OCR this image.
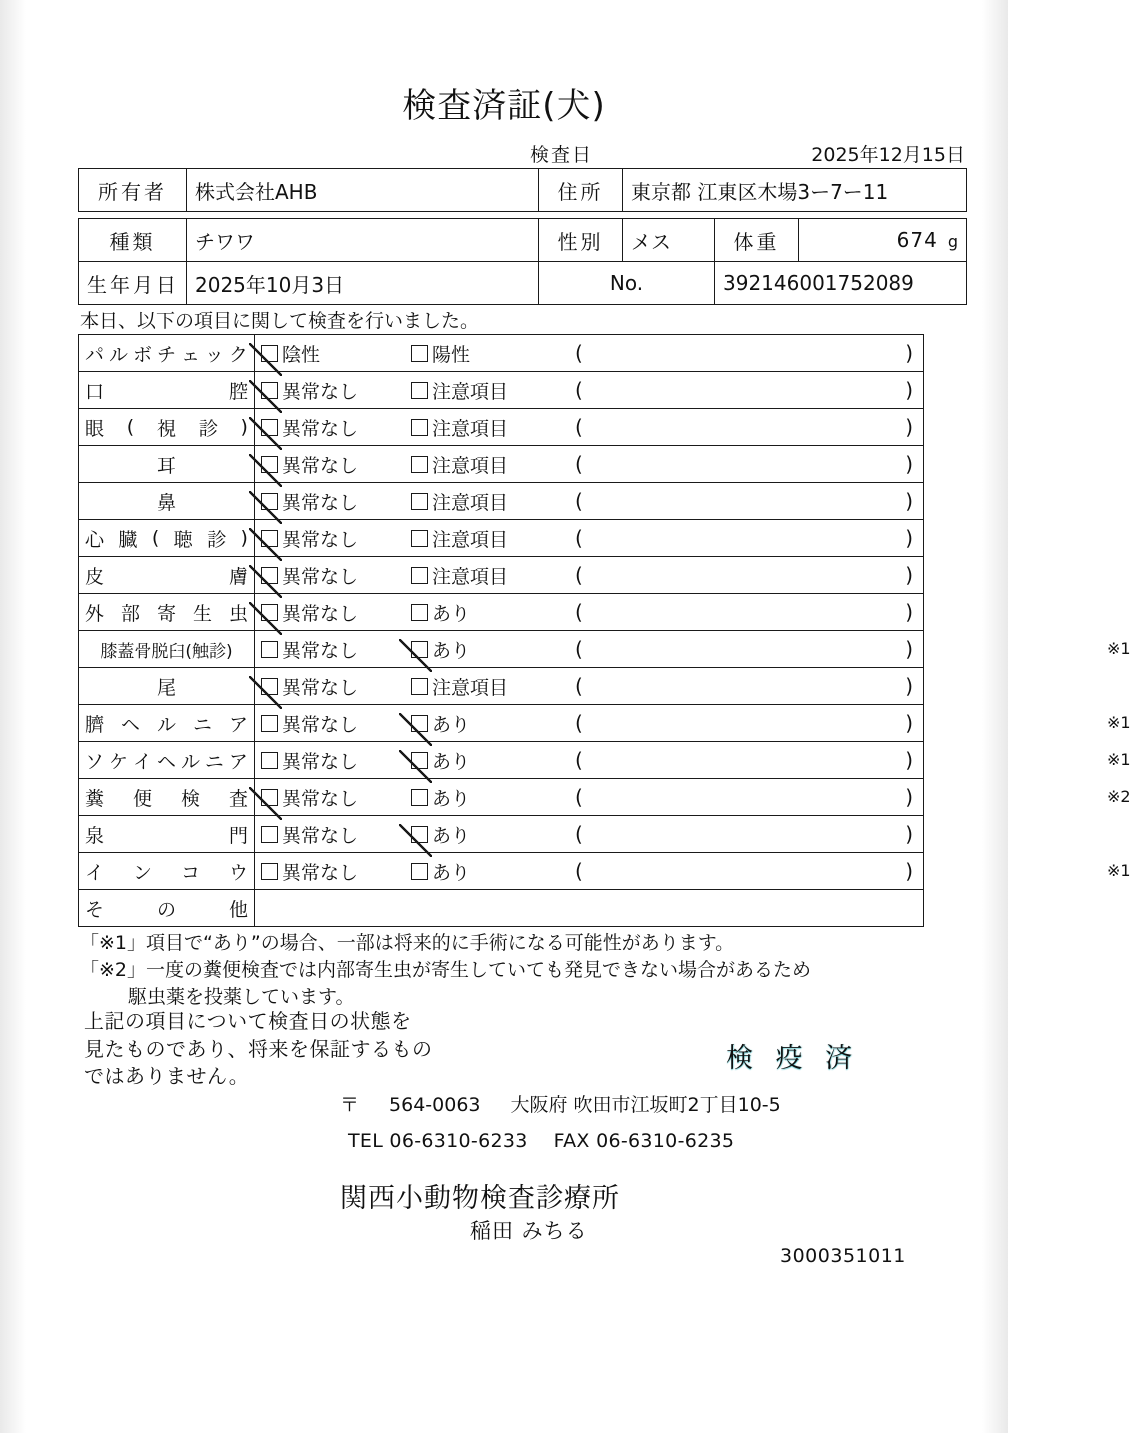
検査済証(犬)
検査日	2025年12月15日
所有者	株式会社AHB	住所	東京都 江東区木場3ー7ー11
種類	チワワ	性別	メス	体重	674 g
生年月日	2025年10月3日	No.		392146001752089	
本日、以下の項目に関して検査を行いました。
パ ル ボ チ ェ ッ ク	陰性	陽性	(	)

口 腔	異常なし 注意項目 ( )

眼 ( 視 診 )	異常なし 注意項目 ( )

耳	異常なし 注意項目 ( )

鼻	異常なし 注意項目 ( )

心 臓 ( 聴 診 )	異常なし	注意項目	(	)

皮 膚	異常なし 注意項目 ( )

外 部 寄 生 虫	異常なし あり ( )

膝蓋骨脱臼(触診)	異常なし あり ( ) ※1

尾	異常なし 注意項目 ( )

臍 ヘ ル ニ ア	異常なし あり ( ) ※1

ソ ケ イ ヘ ル ニ ア	異常なし	あり	(	)	※1

糞 便 検 査	異常なし あり ( ) ※2

泉 門	異常なし あり ( )

イ ン コ ウ	異常なし あり ( ) ※1

そ の 他	

「※1」項目で“あり”の場合、一部は将来的に手術になる可能性があります。
「※2」一度の糞便検査では内部寄生虫が寄生していても発見できない場合があるため
駆虫薬を投薬しています。
上記の項目について検査日の状態を
見たものであり、将来を保証するもの
ではありません。
検 疫 済
〒 564-0063 大阪府 吹田市江坂町2丁目10-5
TEL 06-6310-6233 FAX 06-6310-6235
関西小動物検査診療所
稲田 みちる
3000351011
